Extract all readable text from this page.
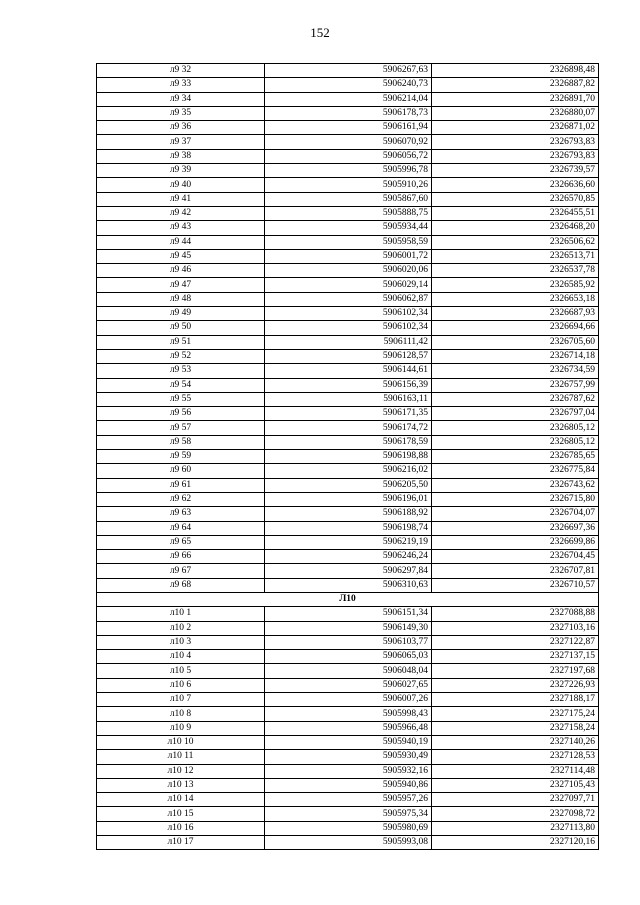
152
л9 32	5906267,63	2326898,48
л9 33	5906240,73	2326887,82
л9 34	5906214,04	2326891,70
л9 35	5906178,73	2326880,07
л9 36	5906161,94	2326871,02
л9 37	5906070,92	2326793,83
л9 38	5906056,72	2326793,83
л9 39	5905996,78	2326739,57
л9 40	5905910,26	2326636,60
л9 41	5905867,60	2326570,85
л9 42	5905888,75	2326455,51
л9 43	5905934,44	2326468,20
л9 44	5905958,59	2326506,62
л9 45	5906001,72	2326513,71
л9 46	5906020,06	2326537,78
л9 47	5906029,14	2326585,92
л9 48	5906062,87	2326653,18
л9 49	5906102,34	2326687,93
л9 50	5906102,34	2326694,66
л9 51	5906111,42	2326705,60
л9 52	5906128,57	2326714,18
л9 53	5906144,61	2326734,59
л9 54	5906156,39	2326757,99
л9 55	5906163,11	2326787,62
л9 56	5906171,35	2326797,04
л9 57	5906174,72	2326805,12
л9 58	5906178,59	2326805,12
л9 59	5906198,88	2326785,65
л9 60	5906216,02	2326775,84
л9 61	5906205,50	2326743,62
л9 62	5906196,01	2326715,80
л9 63	5906188,92	2326704,07
л9 64	5906198,74	2326697,36
л9 65	5906219,19	2326699,86
л9 66	5906246,24	2326704,45
л9 67	5906297,84	2326707,81
л9 68	5906310,63	2326710,57
Л10		
л10 1	5906151,34	2327088,88
л10 2	5906149,30	2327103,16
л10 3	5906103,77	2327122,87
л10 4	5906065,03	2327137,15
л10 5	5906048,04	2327197,68
л10 6	5906027,65	2327226,93
л10 7	5906007,26	2327188,17
л10 8	5905998,43	2327175,24
л10 9	5905966,48	2327158,24
л10 10	5905940,19	2327140,26
л10 11	5905930,49	2327128,53
л10 12	5905932,16	2327114,48
л10 13	5905940,86	2327105,43
л10 14	5905957,26	2327097,71
л10 15	5905975,34	2327098,72
л10 16	5905980,69	2327113,80
л10 17	5905993,08	2327120,16
